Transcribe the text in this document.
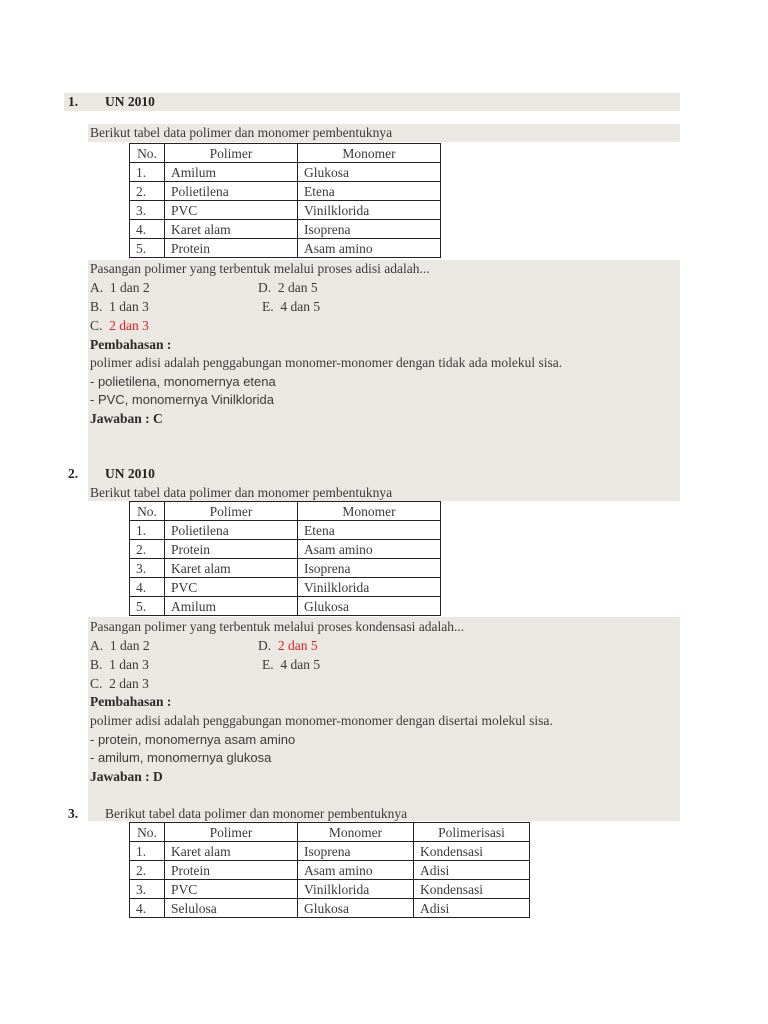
1. UN 2010
Berikut tabel data polimer dan monomer pembentuknya
No.	Polimer	Monomer
1.	Amilum	Glukosa
2.	Polietilena	Etena
3.	PVC	Vinilklorida
4.	Karet alam	Isoprena
5.	Protein	Asam amino
Pasangan polimer yang terbentuk melalui proses adisi adalah...
A. 1 dan 2	D. 2 dan 5
B. 1 dan 3	E. 4 dan 5
C. 2 dan 3
Pembahasan :
polimer adisi adalah penggabungan monomer-monomer dengan tidak ada molekul sisa.
- polietilena, monomernya etena
- PVC, monomernya Vinilklorida
Jawaban : C
2. UN 2010
Berikut tabel data polimer dan monomer pembentuknya
No.	Polimer	Monomer
1.	Polietilena	Etena
2.	Protein	Asam amino
3.	Karet alam	Isoprena
4.	PVC	Vinilklorida
5.	Amilum	Glukosa
Pasangan polimer yang terbentuk melalui proses kondensasi adalah...
A. 1 dan 2	D. 2 dan 5
B. 1 dan 3	E. 4 dan 5
C. 2 dan 3
Pembahasan :
polimer adisi adalah penggabungan monomer-monomer dengan disertai molekul sisa.
- protein, monomernya asam amino
- amilum, monomernya glukosa
Jawaban : D
3. Berikut tabel data polimer dan monomer pembentuknya
No.	Polimer	Monomer	Polimerisasi
1.	Karet alam	Isoprena	Kondensasi
2.	Protein	Asam amino	Adisi
3.	PVC	Vinilklorida	Kondensasi
4.	Selulosa	Glukosa	Adisi
